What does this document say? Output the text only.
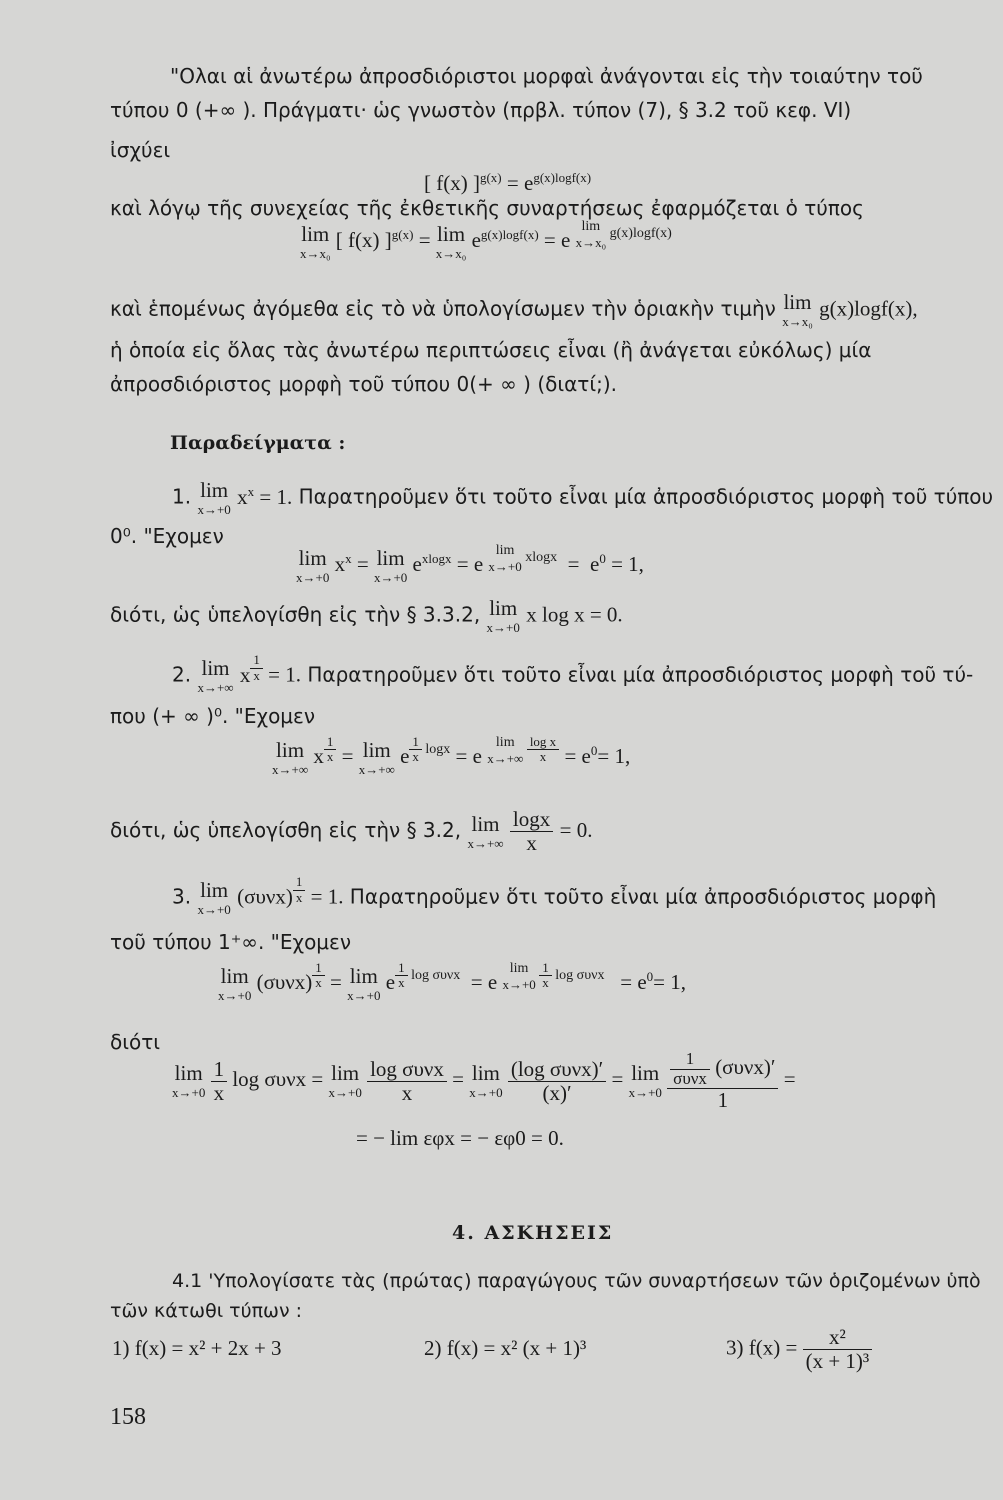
"Ολαι αἱ ἀνωτέρω ἀπροσδιόριστοι μορφαὶ ἀνάγονται εἰς τὴν τοιαύτην τοῦ
τύπου 0 (+∞ ). Πράγματι· ὡς γνωστὸν (πρβλ. τύπον (7), § 3.2 τοῦ κεφ. VI)
ἰσχύει
[ f(x) ]$^{g(x)} = e^{g(x)logf(x)}$
καὶ λόγῳ τῆς συνεχείας τῆς ἐκθετικῆς συναρτήσεως ἐφαρμόζεται ὁ τύπος
lim
x→x₀
[ f(x) ]$^{g(x)}$ = lim
x→x₀
$e^{g(x)logf(x)} = e$
$^{lim x\to x_0 g(x)logf(x)}$
καὶ ἑπομένως ἀγόμεθα εἰς τὸ νὰ ὑπολογίσωμεν τὴν ὁριακὴν τιμὴν lim
x→x₀
g(x)logf(x),
ἡ ὁποία εἰς ὅλας τὰς ἀνωτέρω περιπτώσεις εἶναι (ἢ ἀνάγεται εὐκόλως) μία
ἀπροσδιόριστος μορφὴ τοῦ τύπου 0(+ ∞ ) (διατί;).
Παραδείγματα :
1. lim
x→+0
$x^x = 1$. Παρατηροῦμεν ὅτι τοῦτο εἶναι μία ἀπροσδιόριστος μορφὴ τοῦ τύπου
0⁰. "Εχομεν
lim
x→+0
$x^x = \lim$
x→+0
$e^{xlogx} = e$
$^{lim x\to+0 xlogx} = e^0 = 1$,
διότι, ὡς ὑπελογίσθη εἰς τὴν § 3.3.2, lim
x→+0
x log x = 0.
2. lim
x→+∞
x $^{\frac{1}{x}}$ = 1. Παρατηροῦμεν ὅτι τοῦτο εἶναι μία ἀπροσδιόριστος μορφὴ τοῦ τύ-
που (+ ∞ )⁰. "Εχομεν
lim
x→+∞
x $^{\frac{1}{x}}$ = lim
x→+∞
e $^{\frac{1}{x} logx}$ = e
$^{lim x\to+\infty \frac{\text{log x}}{x}} = e^0= 1$,
διότι, ὡς ὑπελογίσθη εἰς τὴν § 3.2, lim
x→+∞
$\frac{\log x}{x} = 0$.
3. lim
x→+0
(συνx) $^{\frac{1}{x}}$ = 1. Παρατηροῦμεν ὅτι τοῦτο εἶναι μία ἀπροσδιόριστος μορφὴ
τοῦ τύπου 1⁺∞. "Εχομεν
lim
x→+0
(συνx) $^{\frac{1}{x}}$ = lim
x→+0
e $^{\frac{1}{x} log \sigma\upsilon\nu x}$  = e
$^{lim x\to+0 \frac{1}{x} log \sigma\upsilon\nu x} = e^0= 1$,
διότι
lim
x→+0
$\frac{1}{x}$ log συνx = lim
x→+0
$\frac{\text{log συνx}}{x} = \lim$
x→+0
$\frac{\text{(log συνx)′}}{(x)'} = \lim$
x→+0
$\frac{\frac{1}{\text{συνx}} (\sigma\upsilon\nu x)'}{1}$ =
= − lim εφx = − εφ0 = 0.
4. ΑΣΚΗΣΕΙΣ
4.1 'Υπολογίσατε τὰς (πρώτας) παραγώγους τῶν συναρτήσεων τῶν ὁριζομένων ὑπὸ
τῶν κάτωθι τύπων :
1) f(x) = x² + 2x + 3	2) f(x) = x² (x + 1)³	3) $f(x) = \frac{\text{x²}}{\text{(x + 1)³}}$
158
